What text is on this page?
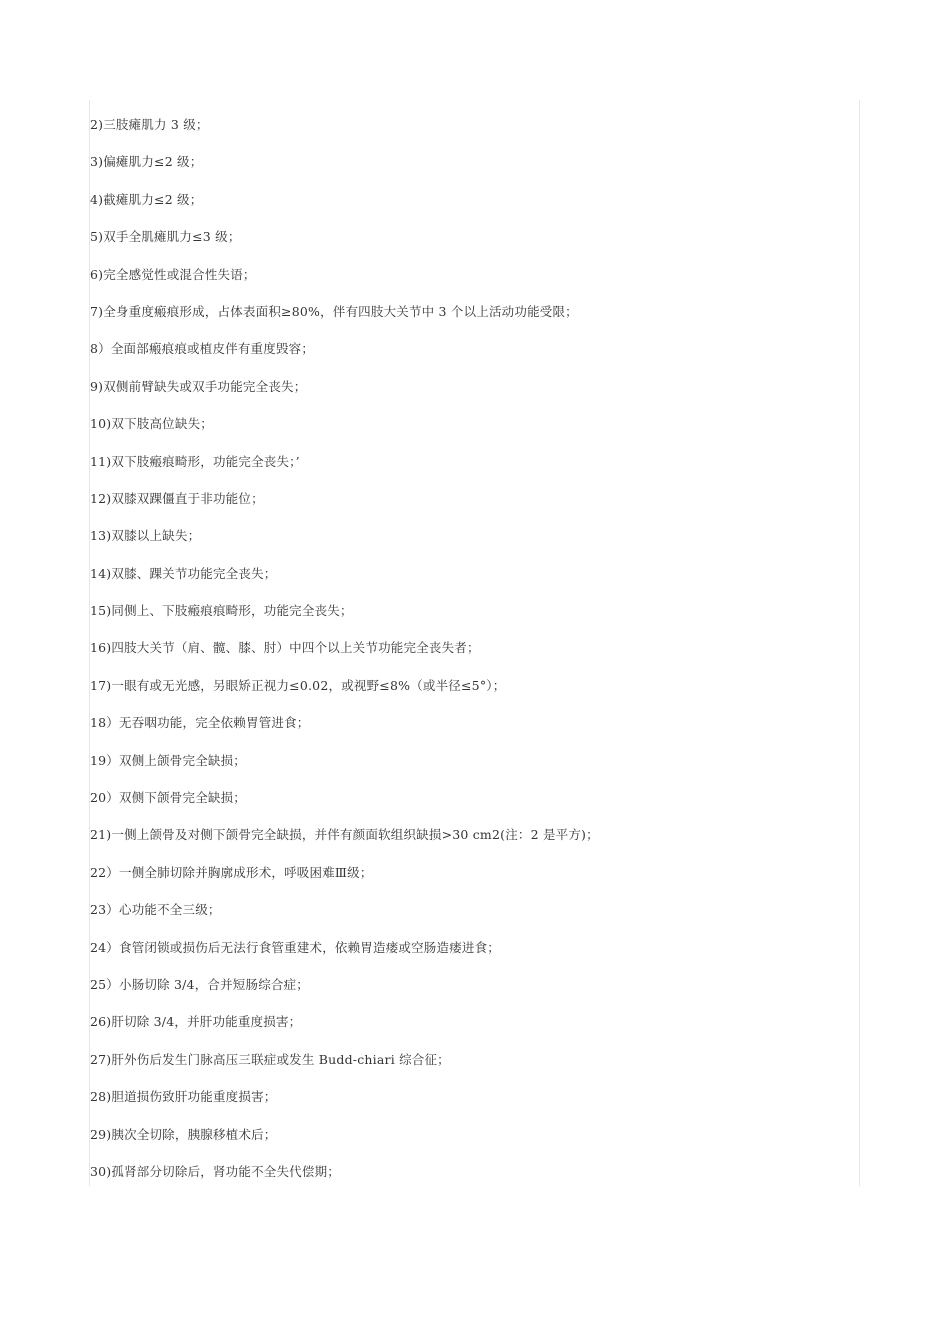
2)三肢瘫肌力 3 级；
3)偏瘫肌力≤2 级；
4)截瘫肌力≤2 级；
5)双手全肌瘫肌力≤3 级；
6)完全感觉性或混合性失语；
7)全身重度瘢痕形成，占体表面积≥80%，伴有四肢大关节中 3 个以上活动功能受限；
8）全面部瘢痕痕或植皮伴有重度毁容；
9)双侧前臂缺失或双手功能完全丧失；
10)双下肢高位缺失；
11)双下肢瘢痕畸形，功能完全丧失；’
12)双膝双踝僵直于非功能位；
13)双膝以上缺失；
14)双膝、踝关节功能完全丧失；
15)同侧上、下肢瘢痕痕畸形，功能完全丧失；
16)四肢大关节（肩、髋、膝、肘）中四个以上关节功能完全丧失者；
17)一眼有或无光感，另眼矫正视力≤0.02，或视野≤8%（或半径≤5°）；
18）无吞咽功能，完全依赖胃管进食；
19）双侧上颌骨完全缺损；
20）双侧下颌骨完全缺损；
21)一侧上颌骨及对侧下颌骨完全缺损，并伴有颜面软组织缺损>30 cm2(注：2 是平方)；
22）一侧全肺切除并胸廓成形术，呼吸困难Ⅲ级；
23）心功能不全三级；
24）食管闭锁或损伤后无法行食管重建术，依赖胃造瘘或空肠造瘘进食；
25）小肠切除 3/4，合并短肠综合症；
26)肝切除 3/4，并肝功能重度损害；
27)肝外伤后发生门脉高压三联症或发生 Budd-chiari 综合征；
28)胆道损伤致肝功能重度损害；
29)胰次全切除，胰腺移植术后；
30)孤肾部分切除后，肾功能不全失代偿期；
